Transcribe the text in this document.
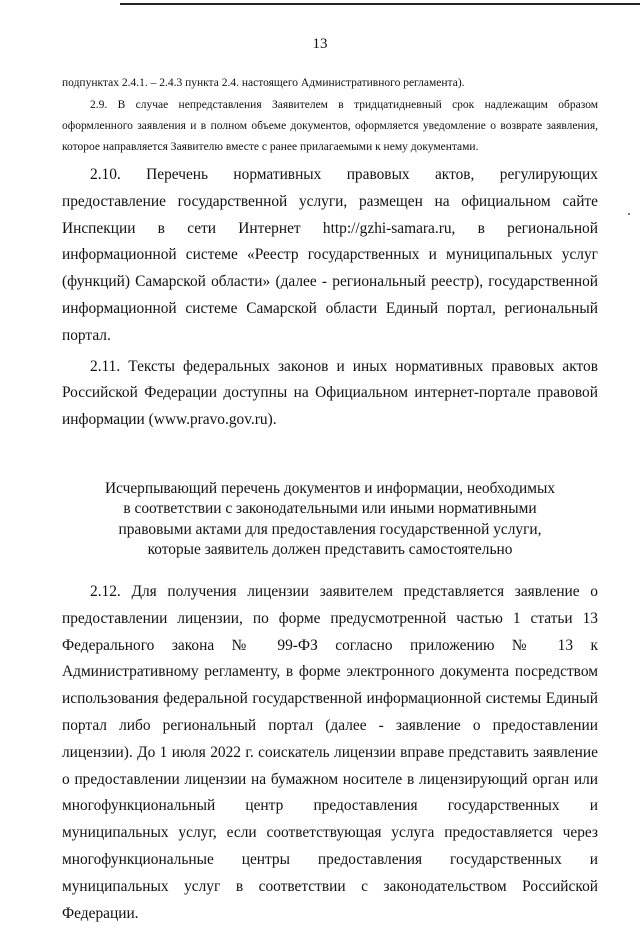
13

подпунктах 2.4.1. – 2.4.3 пункта 2.4. настоящего Административного регламента).

2.9. В случае непредставления Заявителем в тридцатидневный срок надлежащим образом оформленного заявления и в полном объеме документов, оформляется уведомление о возврате заявления, которое направляется Заявителю вместе с ранее прилагаемыми к нему документами.

2.10. Перечень нормативных правовых актов, регулирующих предоставление государственной услуги, размещен на официальном сайте Инспекции в сети Интернет http://gzhi-samara.ru, в региональной информационной системе «Реестр государственных и муниципальных услуг (функций) Самарской области» (далее - региональный реестр), государственной информационной системе Самарской области Единый портал, региональный портал.

2.11. Тексты федеральных законов и иных нормативных правовых актов Российской Федерации доступны на Официальном интернет-портале правовой информации (www.pravo.gov.ru).

Исчерпывающий перечень документов и информации, необходимых
в соответствии с законодательными или иными нормативными
правовыми актами для предоставления государственной услуги,
которые заявитель должен представить самостоятельно

2.12. Для получения лицензии заявителем представляется заявление о предоставлении лицензии, по форме предусмотренной частью 1 статьи 13 Федерального закона № 99-ФЗ согласно приложению № 13 к Административному регламенту, в форме электронного документа посредством использования федеральной государственной информационной системы Единый портал либо региональный портал (далее - заявление о предоставлении лицензии). До 1 июля 2022 г. соискатель лицензии вправе представить заявление о предоставлении лицензии на бумажном носителе в лицензирующий орган или многофункциональный центр предоставления государственных и муниципальных услуг, если соответствующая услуга предоставляется через многофункциональные центры предоставления государственных и муниципальных услуг в соответствии с законодательством Российской Федерации.
